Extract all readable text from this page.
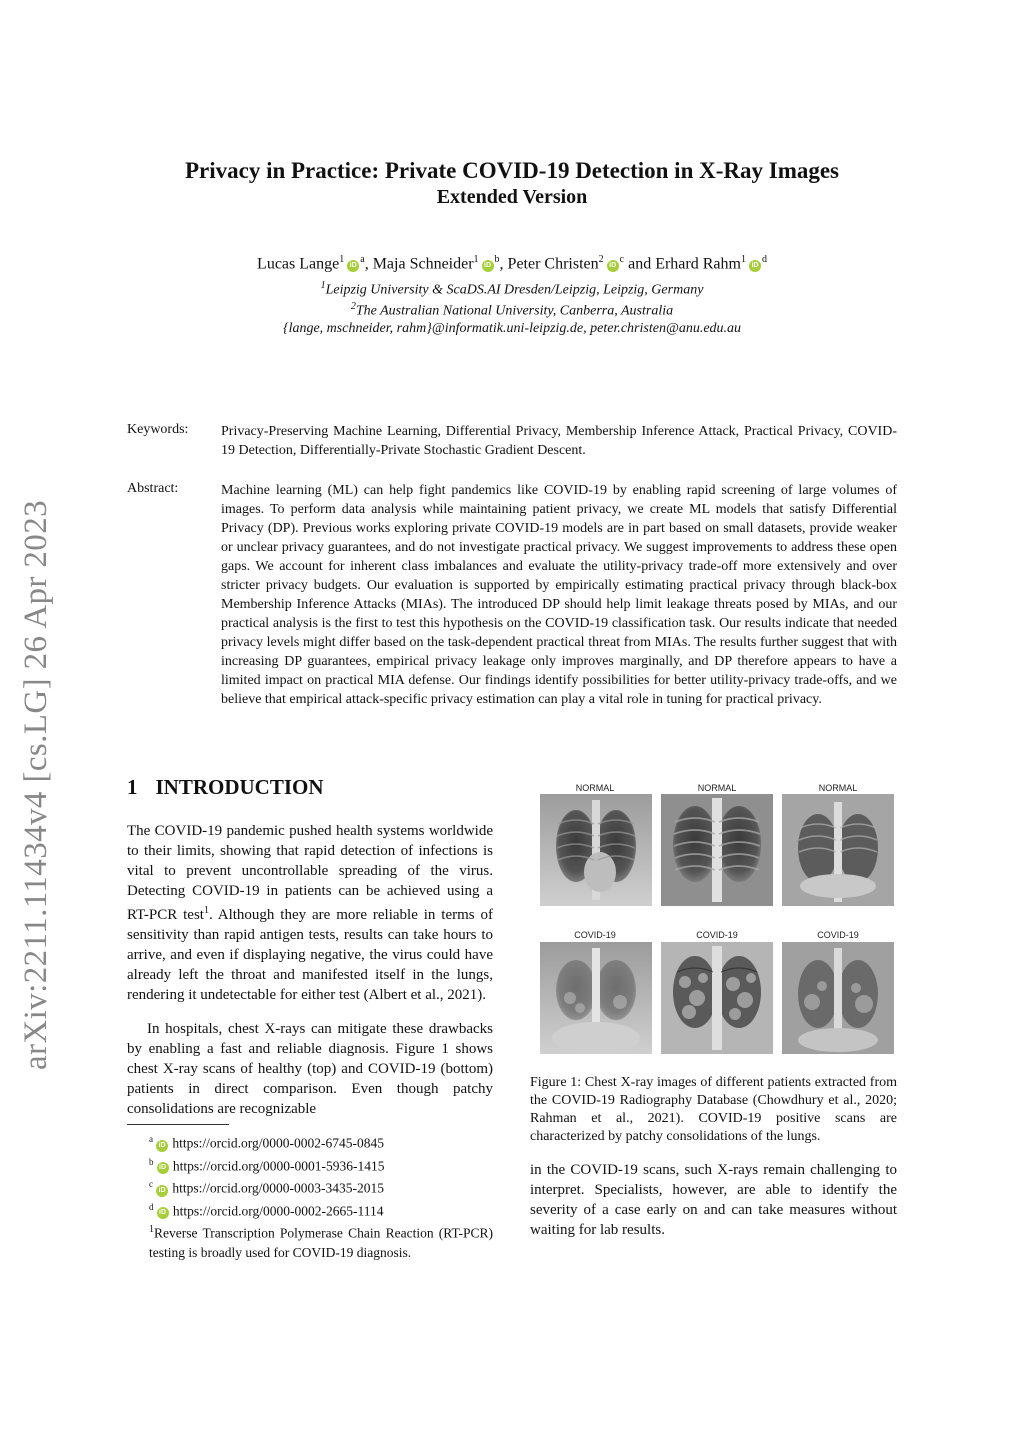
arXiv:2211.11434v4 [cs.LG] 26 Apr 2023
Privacy in Practice: Private COVID-19 Detection in X-Ray Images
Extended Version
Lucas $Lange^1iD^a$, Maja $Schneider^1iD^b$, Peter $Christen^2iD^c$ and Erhard $Rahm^1iD^d$
$^1$Leipzig University & ScaDS.AI Dresden/Leipzig, Leipzig, Germany
$^2$The Australian National University, Canberra, Australia
{lange, mschneider, rahm}@informatik.uni-leipzig.de, peter.christen@anu.edu.au
Keywords: Privacy-Preserving Machine Learning, Differential Privacy, Membership Inference Attack, Practical Privacy, COVID-19 Detection, Differentially-Private Stochastic Gradient Descent.
Abstract:	Machine learning (ML) can help fight pandemics like COVID-19 by enabling rapid screening of large volumes of images. To perform data analysis while maintaining patient privacy, we create ML models that satisfy Differential Privacy (DP). Previous works exploring private COVID-19 models are in part based on small datasets, provide weaker or unclear privacy guarantees, and do not investigate practical privacy. We suggest improvements to address these open gaps. We account for inherent class imbalances and evaluate the utility-privacy trade-off more extensively and over stricter privacy budgets. Our evaluation is supported by empirically estimating practical privacy through black-box Membership Inference Attacks (MIAs). The introduced DP should help limit leakage threats posed by MIAs, and our practical analysis is the first to test this hypothesis on the COVID-19 classification task. Our results indicate that needed privacy levels might differ based on the task-dependent practical threat from MIAs. The results further suggest that with increasing DP guarantees, empirical privacy leakage only improves marginally, and DP therefore appears to have a limited impact on practical MIA defense. Our findings identify possibilities for better utility-privacy trade-offs, and we believe that empirical attack-specific privacy estimation can play a vital role in tuning for practical privacy.
1 INTRODUCTION
The COVID-19 pandemic pushed health systems worldwide to their limits, showing that rapid detection of infections is vital to prevent uncontrollable spreading of the virus. Detecting COVID-19 in patients can be achieved using a RT-PCR test$^1$. Although they are more reliable in terms of sensitivity than rapid antigen tests, results can take hours to arrive, and even if displaying negative, the virus could have already left the throat and manifested itself in the lungs, rendering it undetectable for either test (Albert et al., 2021).
In hospitals, chest X-rays can mitigate these drawbacks by enabling a fast and reliable diagnosis. Figure 1 shows chest X-ray scans of healthy (top) and COVID-19 (bottom) patients in direct comparison. Even though patchy consolidations are recognizable
$^a$iD https://orcid.org/0000-0002-6745-0845
$^b$iD https://orcid.org/0000-0001-5936-1415
$^c$iD https://orcid.org/0000-0003-3435-2015
$^d$iD https://orcid.org/0000-0002-2665-1114
$^1$Reverse Transcription Polymerase Chain Reaction (RT-PCR) testing is broadly used for COVID-19 diagnosis.
NORMAL	NORMAL	NORMAL
COVID-19	COVID-19	COVID-19
Figure 1: Chest X-ray images of different patients extracted from the COVID-19 Radiography Database (Chowdhury et al., 2020; Rahman et al., 2021). COVID-19 positive scans are characterized by patchy consolidations of the lungs.
in the COVID-19 scans, such X-rays remain challenging to interpret. Specialists, however, are able to identify the severity of a case early on and can take measures without waiting for lab results.
